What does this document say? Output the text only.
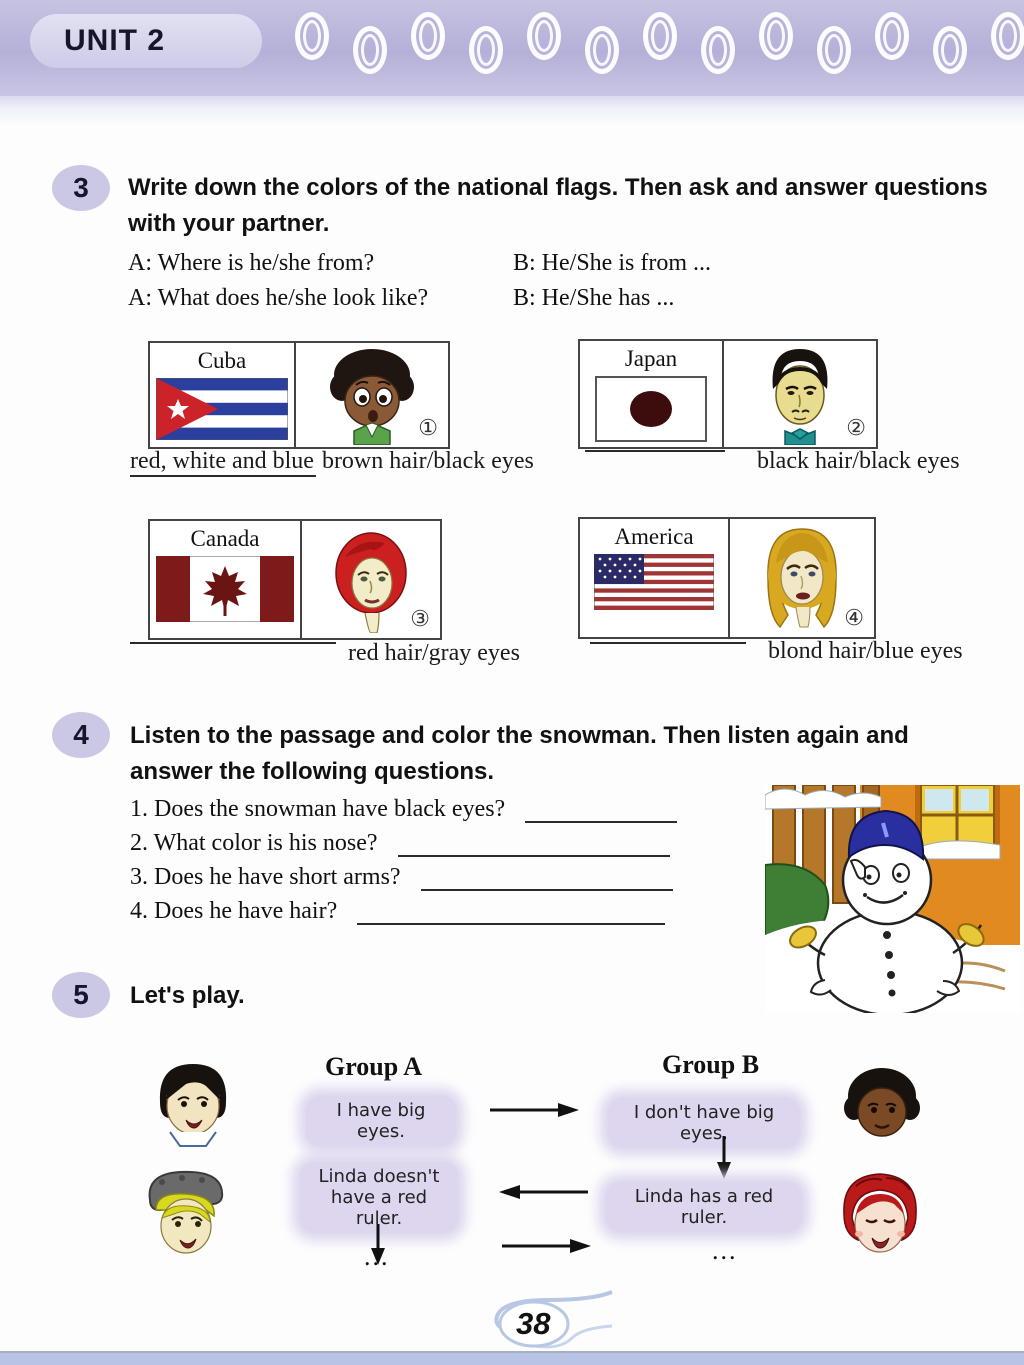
UNIT 2
3 Write down the colors of the national flags. Then ask and answer questions with your partner.
A: Where is he/she from?	B: He/She is from ...
A: What does he/she look like?	B: He/She has ...
Cuba
①
Japan
②
red, white and blue brown hair/black eyes	black hair/black eyes
Canada
③
America
④
red hair/gray eyes	blond hair/blue eyes
4 Listen to the passage and color the snowman. Then listen again and answer the following questions.
1. Does the snowman have black eyes?
2. What color is his nose?
3. Does he have short arms?
4. Does he have hair?
5 Let's play.
Group A	Group B
I have big eyes.
I don't have big eyes.
Linda doesn't have a red ruler.
Linda has a red ruler.
...	...
38
